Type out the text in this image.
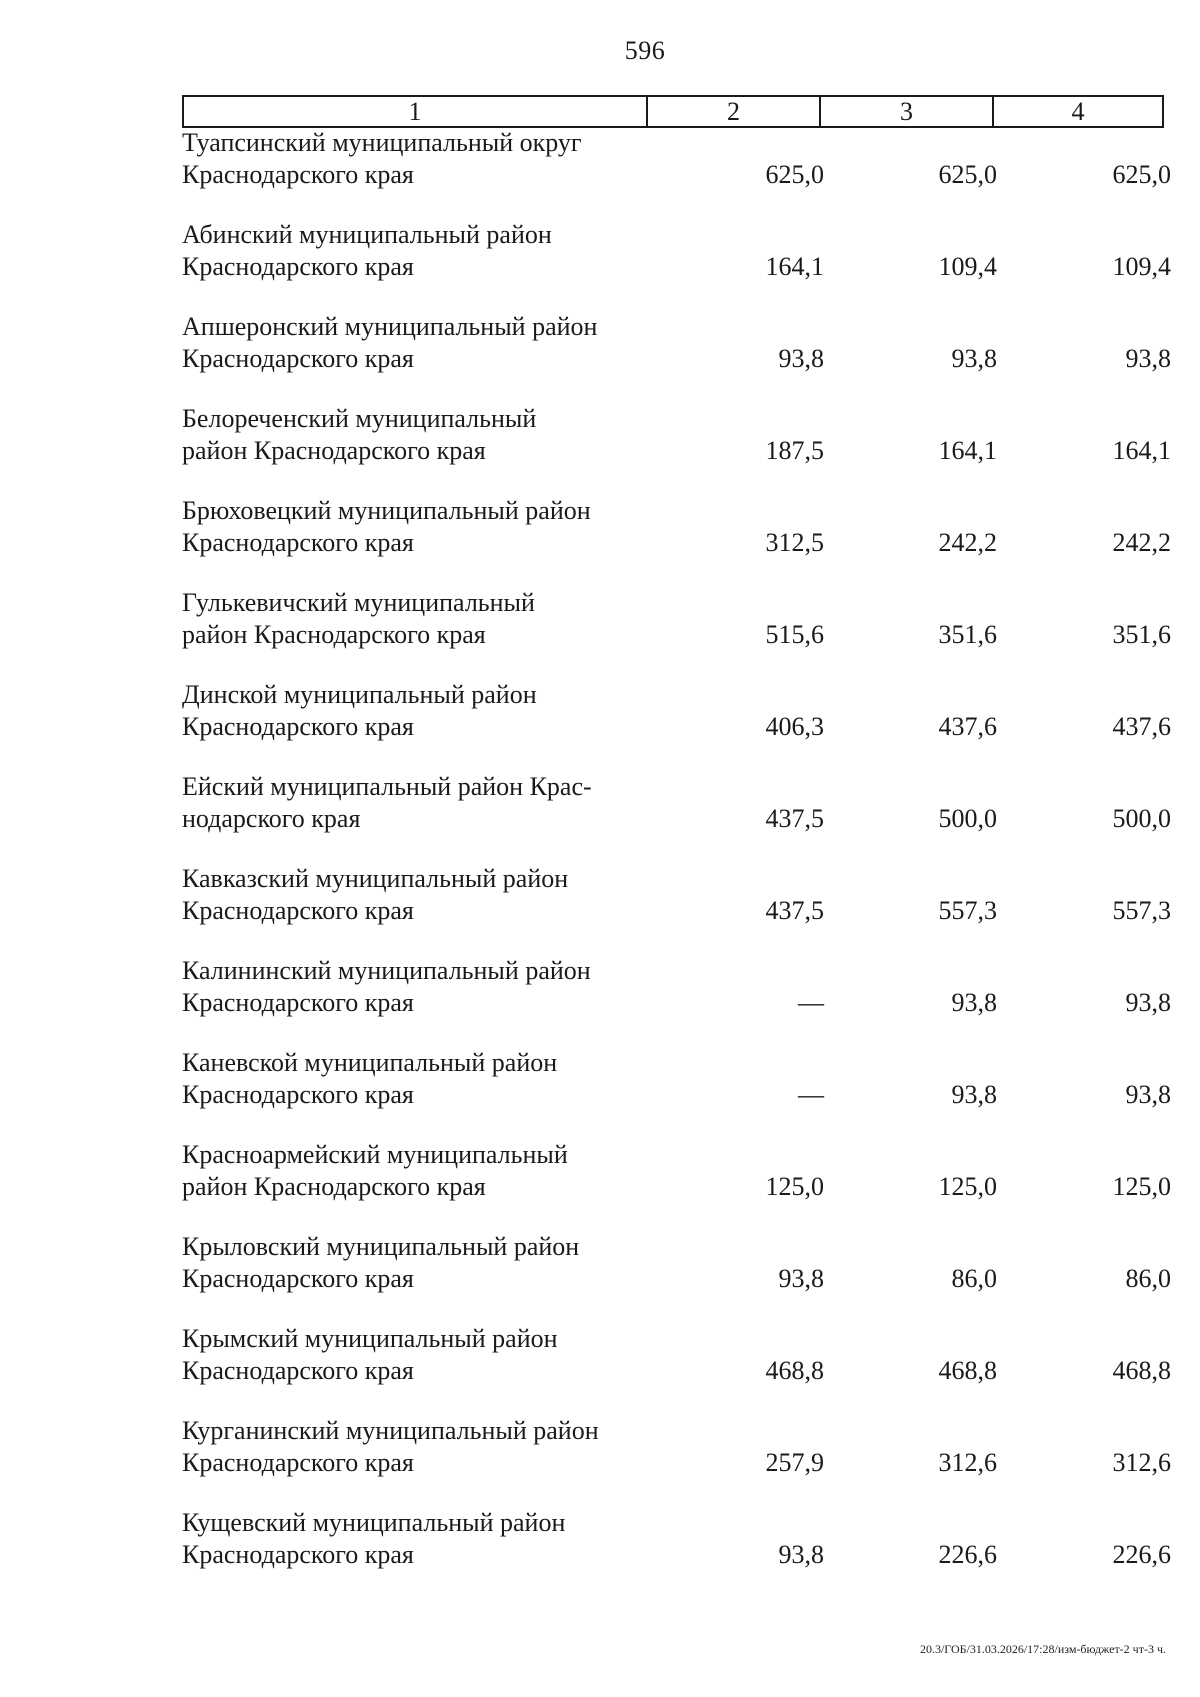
596
1	2	3	4
Туапсинский муниципальный округ
Краснодарского края	625,0	625,0	625,0
Абинский муниципальный район
Краснодарского края	164,1	109,4	109,4
Апшеронский муниципальный район
Краснодарского края	93,8	93,8	93,8
Белореченский муниципальный
район Краснодарского края	187,5	164,1	164,1
Брюховецкий муниципальный район
Краснодарского края	312,5	242,2	242,2
Гулькевичский муниципальный
район Краснодарского края	515,6	351,6	351,6
Динской муниципальный район
Краснодарского края	406,3	437,6	437,6
Ейский муниципальный район Крас-
нодарского края	437,5	500,0	500,0
Кавказский муниципальный район
Краснодарского края	437,5	557,3	557,3
Калининский муниципальный район
Краснодарского края	—	93,8	93,8
Каневской муниципальный район
Краснодарского края	—	93,8	93,8
Красноармейский муниципальный
район Краснодарского края	125,0	125,0	125,0
Крыловский муниципальный район
Краснодарского края	93,8	86,0	86,0
Крымский муниципальный район
Краснодарского края	468,8	468,8	468,8
Курганинский муниципальный район
Краснодарского края	257,9	312,6	312,6
Кущевский муниципальный район
Краснодарского края	93,8	226,6	226,6
20.3/ГОБ/31.03.2026/17:28/изм-бюджет-2 чт-3 ч.
